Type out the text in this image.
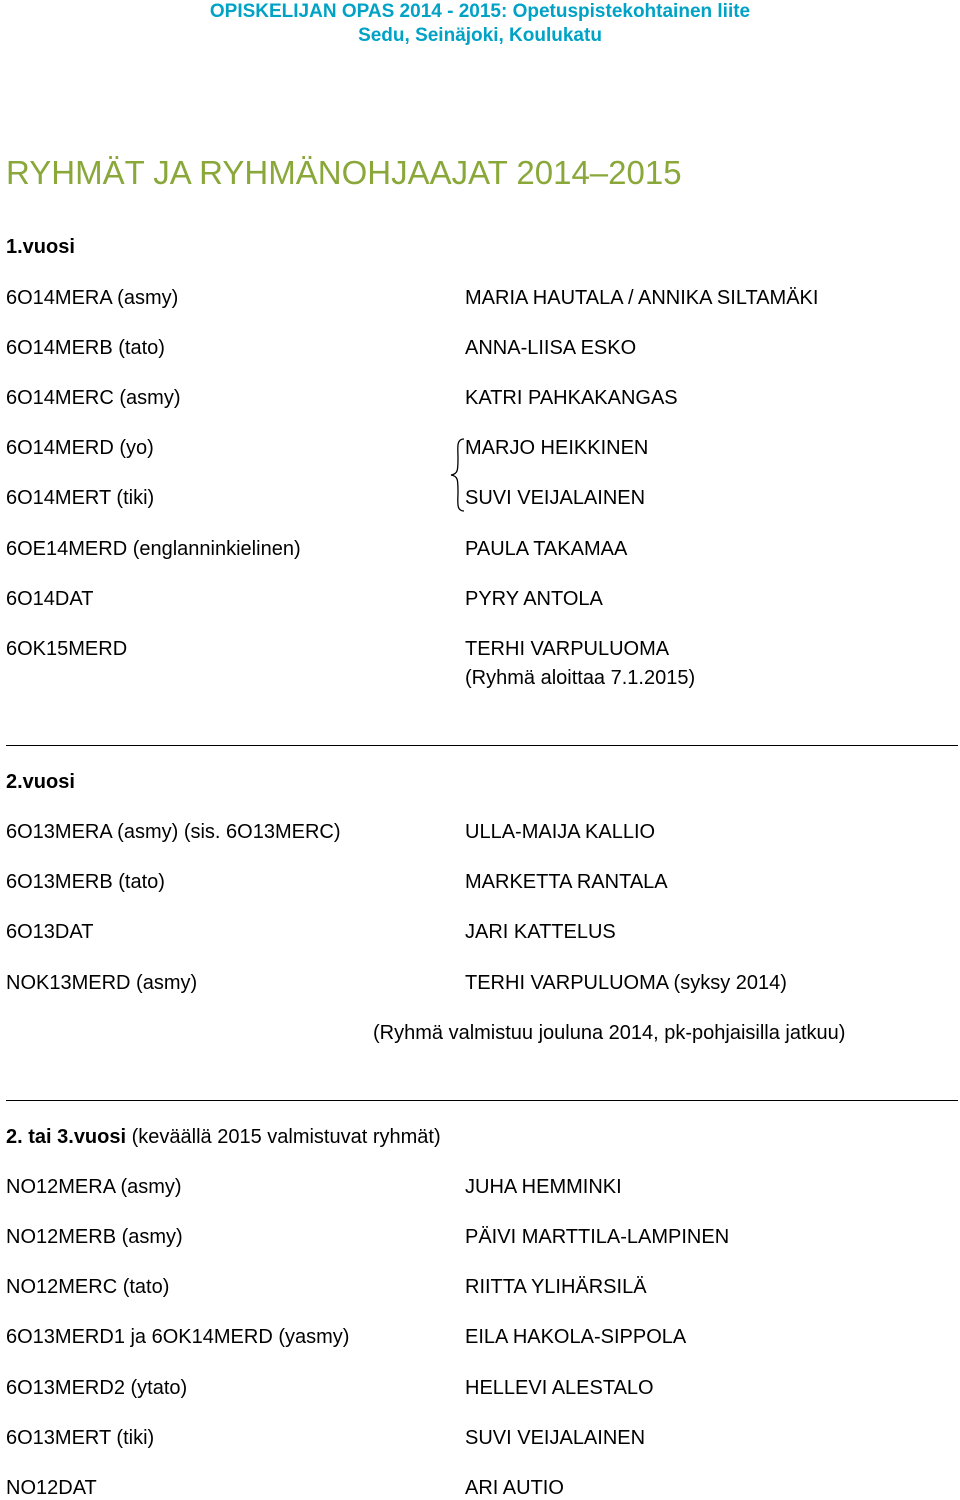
OPISKELIJAN OPAS 2014 - 2015: Opetuspistekohtainen liite
Sedu, Seinäjoki, Koulukatu
RYHMÄT JA RYHMÄNOHJAAJAT 2014–2015
1.vuosi
6O14MERA (asmy)	MARIA HAUTALA / ANNIKA SILTAMÄKI
6O14MERB (tato)	ANNA-LIISA ESKO
6O14MERC (asmy)	KATRI PAHKAKANGAS
6O14MERD (yo)	MARJO HEIKKINEN
6O14MERT (tiki)	SUVI VEIJALAINEN
6OE14MERD (englanninkielinen)	PAULA TAKAMAA
6O14DAT	PYRY ANTOLA
6OK15MERD	TERHI VARPULUOMA
(Ryhmä aloittaa 7.1.2015)
2.vuosi
6O13MERA (asmy) (sis. 6O13MERC)	ULLA-MAIJA KALLIO
6O13MERB (tato)	MARKETTA RANTALA
6O13DAT	JARI KATTELUS
NOK13MERD (asmy)	TERHI VARPULUOMA (syksy 2014)
(Ryhmä valmistuu jouluna 2014, pk-pohjaisilla jatkuu)
2. tai 3.vuosi (keväällä 2015 valmistuvat ryhmät)
NO12MERA (asmy)	JUHA HEMMINKI
NO12MERB (asmy)	PÄIVI MARTTILA-LAMPINEN
NO12MERC (tato)	RIITTA YLIHÄRSILÄ
6O13MERD1 ja 6OK14MERD (yasmy)	EILA HAKOLA-SIPPOLA
6O13MERD2 (ytato)	HELLEVI ALESTALO
6O13MERT (tiki)	SUVI VEIJALAINEN
NO12DAT	ARI AUTIO
